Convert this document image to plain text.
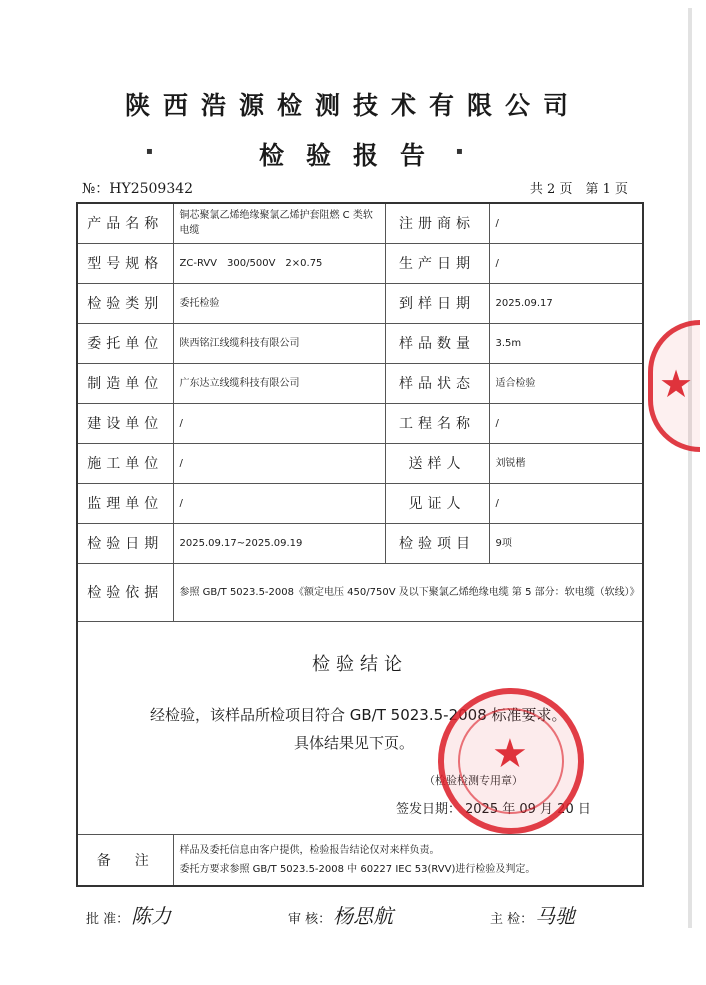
▪	▪
陕西浩源检测技术有限公司
检验报告
№：HY2509342	共 2 页　第 1 页
产品名称	铜芯聚氯乙烯绝缘聚氯乙烯护套阻燃 C 类软电缆	注册商标	/
型号规格	ZC-RVV　300/500V　2×0.75	生产日期	/
检验类别	委托检验	到样日期	2025.09.17
委托单位	陕西铭江线缆科技有限公司	样品数量	3.5m
制造单位	广东达立线缆科技有限公司	样品状态	适合检验
建设单位	/	工程名称	/
施工单位	/	送样人	刘锐楷
监理单位	/	见证人	/
检验日期	2025.09.17~2025.09.19	检验项目	9项
检验依据	参照 GB/T 5023.5-2008《额定电压 450/750V 及以下聚氯乙烯绝缘电缆 第 5 部分：软电缆（软线）》		

检验结论
经检验，该样品所检项目符合 GB/T 5023.5-2008 标准要求。
具体结果见下页。
（检验检测专用章）
签发日期： 2025 年 09 月 20 日			

备　注	样品及委托信息由客户提供，检验报告结论仅对来样负责。
委托方要求参照 GB/T 5023.5-2008 中 60227 IEC 53(RVV)进行检验及判定。		
批 准： 陈力	审 核： 杨思航	主 检： 马驰
★
★
